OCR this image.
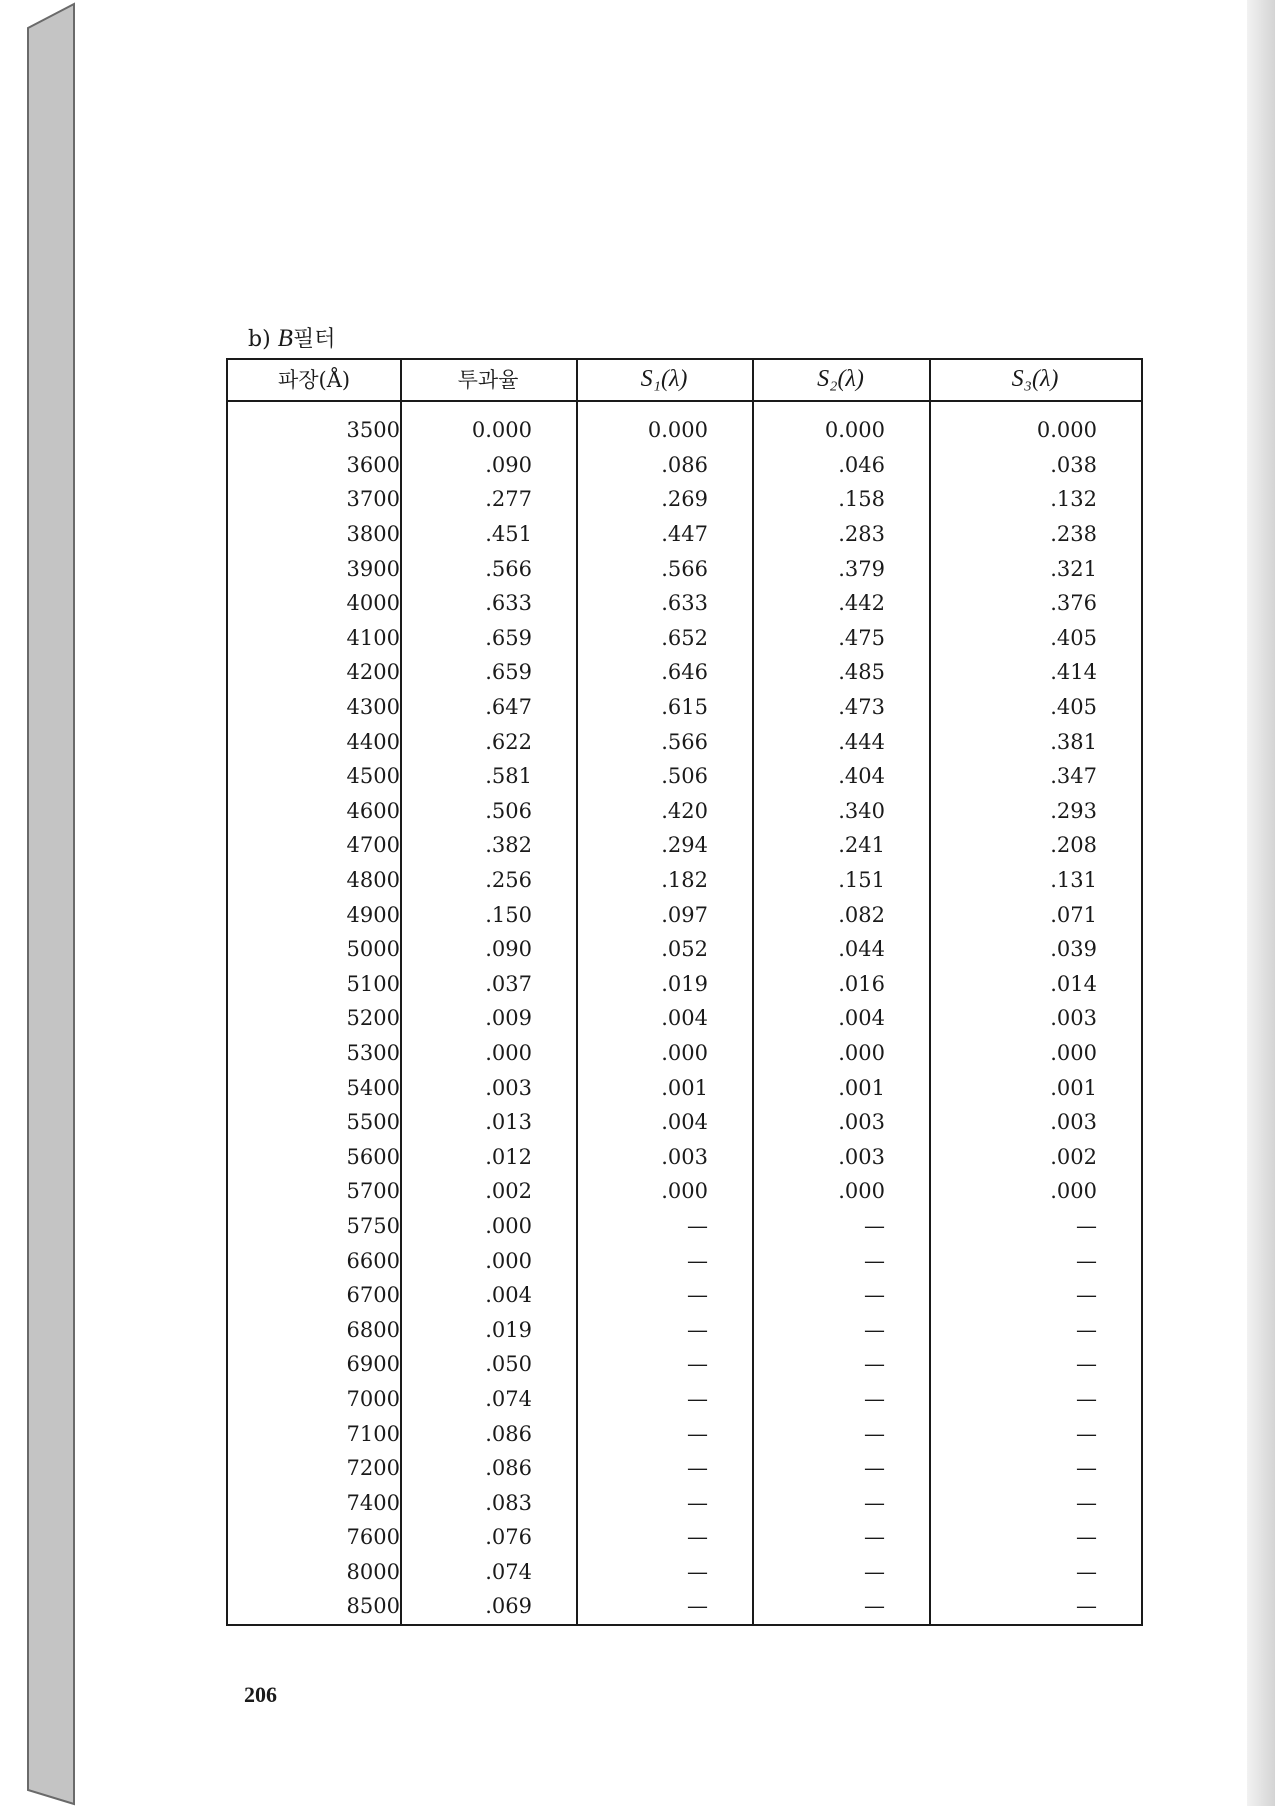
b) B필터
파장(Å)	투과율	S₁(λ)	S₂(λ)	S₃(λ)
3500	0.000	0.000	0.000	0.000
3600	.090	.086	.046	.038
3700	.277	.269	.158	.132
3800	.451	.447	.283	.238
3900	.566	.566	.379	.321
4000	.633	.633	.442	.376
4100	.659	.652	.475	.405
4200	.659	.646	.485	.414
4300	.647	.615	.473	.405
4400	.622	.566	.444	.381
4500	.581	.506	.404	.347
4600	.506	.420	.340	.293
4700	.382	.294	.241	.208
4800	.256	.182	.151	.131
4900	.150	.097	.082	.071
5000	.090	.052	.044	.039
5100	.037	.019	.016	.014
5200	.009	.004	.004	.003
5300	.000	.000	.000	.000
5400	.003	.001	.001	.001
5500	.013	.004	.003	.003
5600	.012	.003	.003	.002
5700	.002	.000	.000	.000
5750	.000	—	—	—
6600	.000	—	—	—
6700	.004	—	—	—
6800	.019	—	—	—
6900	.050	—	—	—
7000	.074	—	—	—
7100	.086	—	—	—
7200	.086	—	—	—
7400	.083	—	—	—
7600	.076	—	—	—
8000	.074	—	—	—
8500	.069	—	—	—
206
